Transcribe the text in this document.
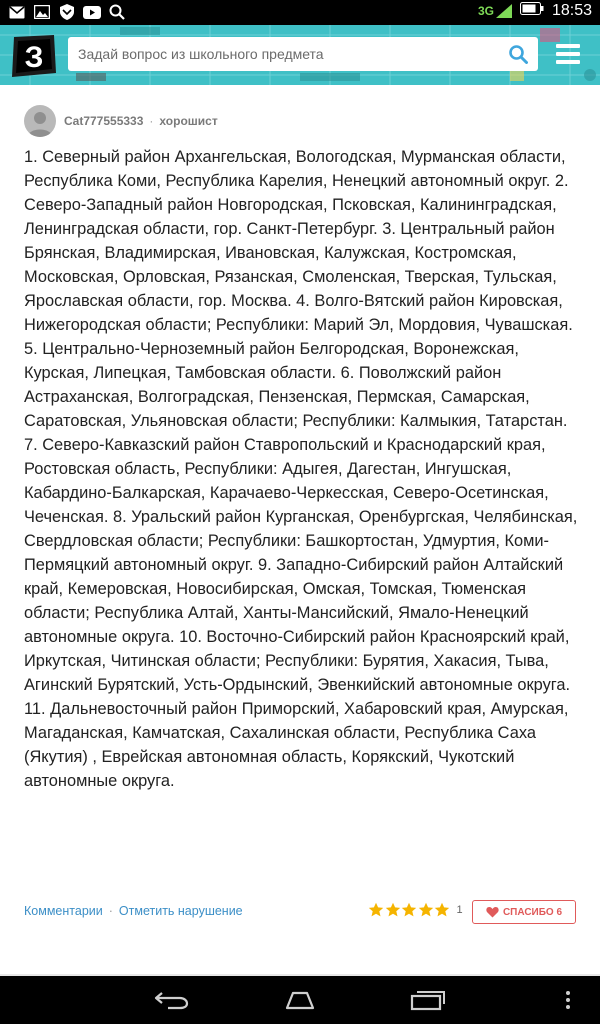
3G	18:53
З
Задай вопрос из школьного предмета
Cat777555333 · хорошист
1. Северный район Архангельская, Вологодская, Мурманская области, Республика Коми, Республика Карелия, Ненецкий автономный округ. 2. Северо-Западный район Новгородская, Псковская, Калининградская, Ленинградская области, гор. Санкт-Петербург. 3. Центральный район Брянская, Владимирская, Ивановская, Калужская, Костромская, Московская, Орловская, Рязанская, Смоленская, Тверская, Тульская, Ярославская области, гор. Москва. 4. Волго-Вятский район Кировская, Нижегородская области; Республики: Марий Эл, Мордовия, Чувашская. 5. Центрально-Черноземный район Белгородская, Воронежская, Курская, Липецкая, Тамбовская области. 6. Поволжский район Астраханская, Волгоградская, Пензенская, Пермская, Самарская, Саратовская, Ульяновская области; Республики: Калмыкия, Татарстан. 7. Северо-Кавказский район Ставропольский и Краснодарский края, Ростовская область, Республики: Адыгея, Дагестан, Ингушская, Кабардино-Балкарская, Карачаево-Черкесская, Северо-Осетинская, Чеченская. 8. Уральский район Курганская, Оренбургская, Челябинская, Свердловская области; Республики: Башкортостан, Удмуртия, Коми-Пермяцкий автономный округ. 9. Западно-Сибирский район Алтайский край, Кемеровская, Новосибирская, Омская, Томская, Тюменская области; Республика Алтай, Ханты-Мансийский, Ямало-Ненецкий автономные округа. 10. Восточно-Сибирский район Красноярский край, Иркутская, Читинская области; Республики: Бурятия, Хакасия, Тыва, Агинский Бурятский, Усть-Ордынский, Эвенкийский автономные округа. 11. Дальневосточный район Приморский, Хабаровский края, Амурская, Магаданская, Камчатская, Сахалинская области, Республика Саха (Якутия) , Еврейская автономная область, Корякский, Чукотский автономные округа.
Комментарии · Отметить нарушение	1	СПАСИБО 6
